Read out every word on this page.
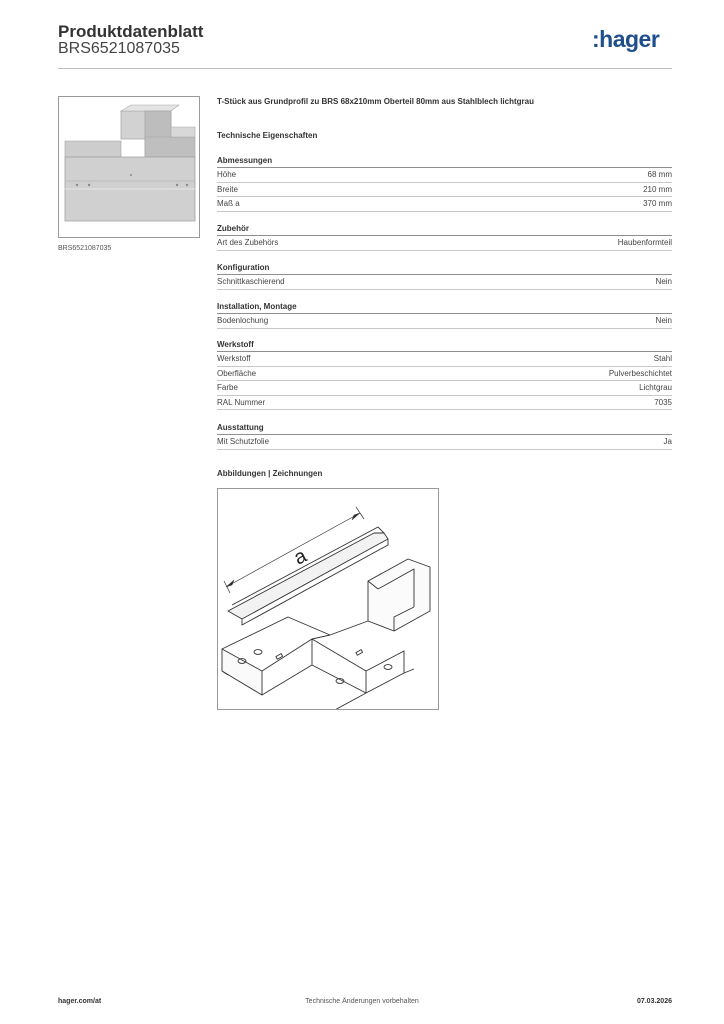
Produktdatenblatt
BRS6521087035	:hager
BRS6521087035
T-Stück aus Grundprofil zu BRS 68x210mm Oberteil 80mm aus Stahlblech lichtgrau
Technische Eigenschaften
Abmessungen
Höhe	68 mm
Breite	210 mm
Maß a	370 mm
Zubehör
Art des Zubehörs	Haubenformteil
Konfiguration
Schnittkaschierend	Nein
Installation, Montage
Bodenlochung	Nein
Werkstoff
Werkstoff	Stahl
Oberfläche	Pulverbeschichtet
Farbe	Lichtgrau
RAL Nummer	7035
Ausstattung
Mit Schutzfolie	Ja
Abbildungen | Zeichnungen
a
hager.com/at	Technische Änderungen vorbehalten	07.03.2026
